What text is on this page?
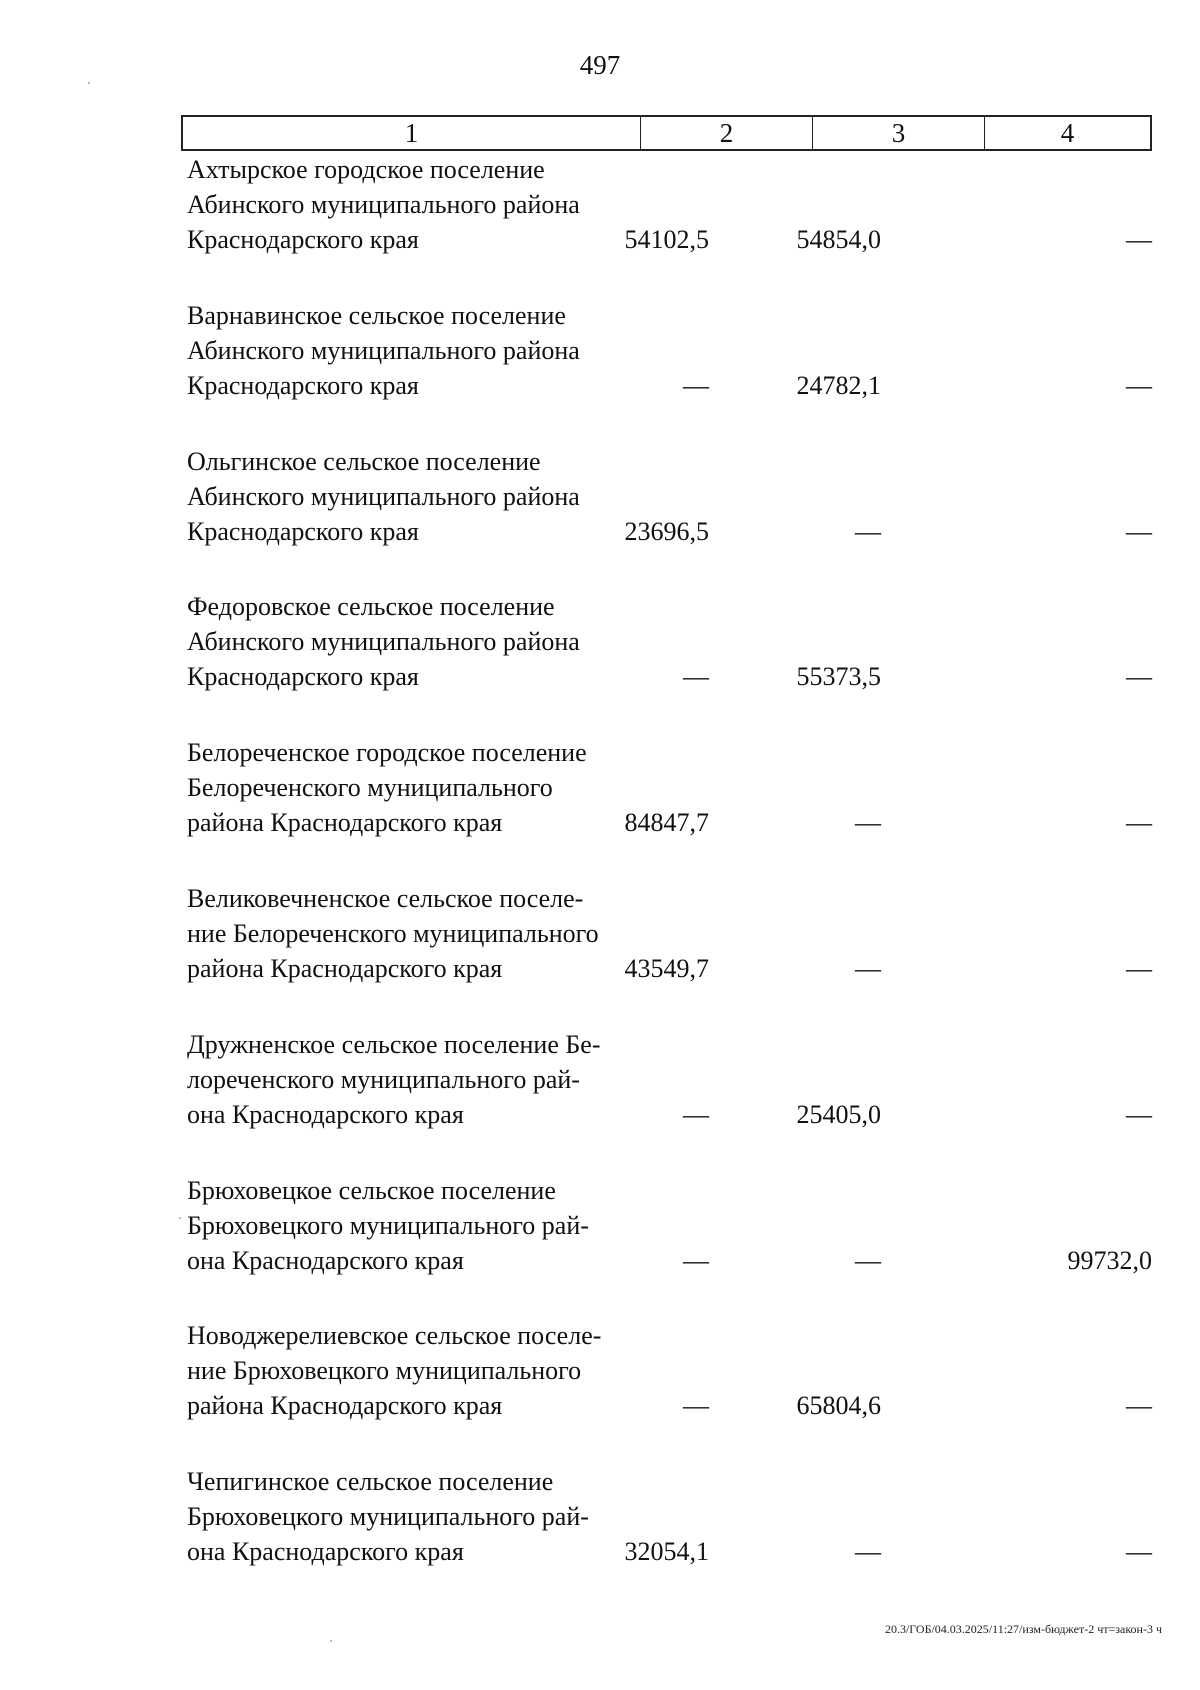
497
1	2	3	4
Ахтырское городское поселение
Абинского муниципального района
Краснодарского края	54102,5	54854,0	—
Варнавинское сельское поселение
Абинского муниципального района
Краснодарского края	—	24782,1	—
Ольгинское сельское поселение
Абинского муниципального района
Краснодарского края	23696,5	—	—
Федоровское сельское поселение
Абинского муниципального района
Краснодарского края	—	55373,5	—
Белореченское городское поселение
Белореченского муниципального
района Краснодарского края	84847,7	—	—
Великовечненское сельское поселе-
ние Белореченского муниципального
района Краснодарского края	43549,7	—	—
Дружненское сельское поселение Бе-
лореченского муниципального рай-
она Краснодарского края	—	25405,0	—
Брюховецкое сельское поселение
Брюховецкого муниципального рай-
она Краснодарского края	—	—	99732,0
Новоджерелиевское сельское поселе-
ние Брюховецкого муниципального
района Краснодарского края	—	65804,6	—
Чепигинское сельское поселение
Брюховецкого муниципального рай-
она Краснодарского края	32054,1	—	—
20.3/ГОБ/04.03.2025/11:27/изм-бюджет-2 чт=закон-3 ч
